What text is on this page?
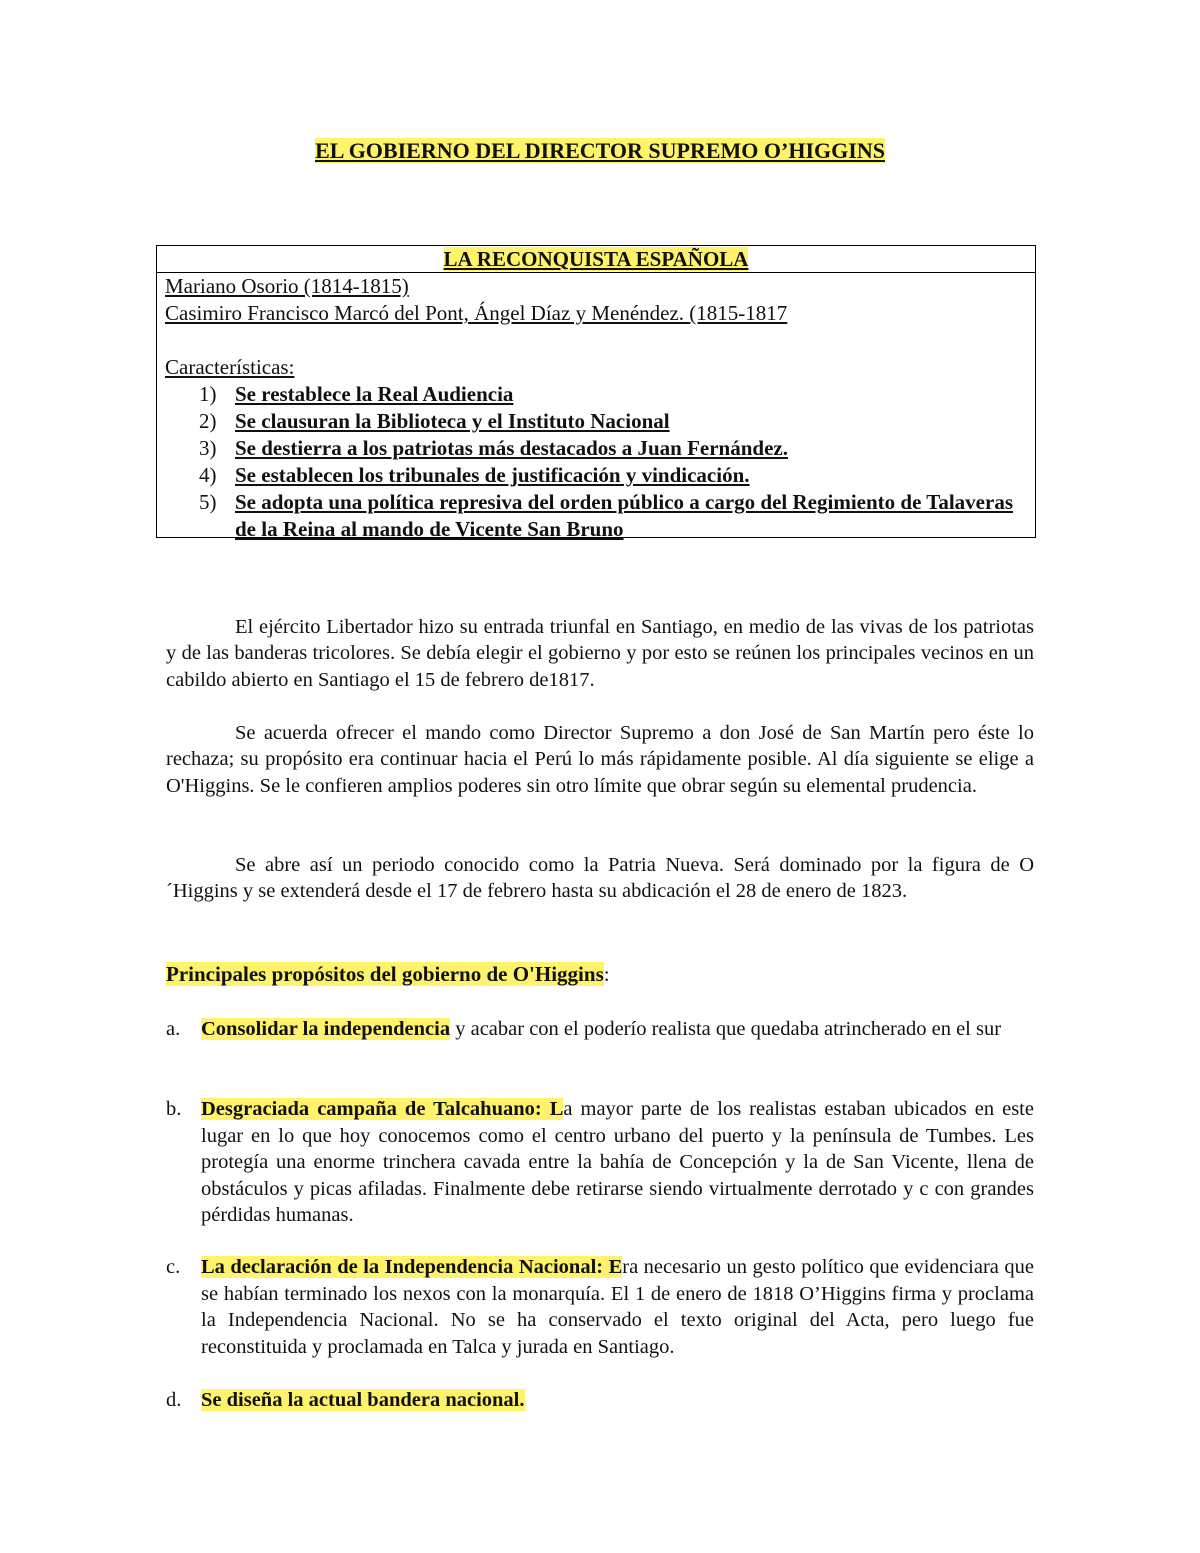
EL GOBIERNO DEL DIRECTOR SUPREMO O’HIGGINS
LA RECONQUISTA ESPAÑOLA
Mariano Osorio (1814-1815)
Casimiro Francisco Marcó del Pont, Ángel Díaz y Menéndez. (1815-1817
Características:
1) Se restablece la Real Audiencia
2) Se clausuran la Biblioteca y el Instituto Nacional
3) Se destierra a los patriotas más destacados a Juan Fernández.
4) Se establecen los tribunales de justificación y vindicación.
5) Se adopta una política represiva del orden público a cargo del Regimiento de Talaveras de la Reina al mando de Vicente San Bruno

El ejército Libertador hizo su entrada triunfal en Santiago, en medio de las vivas de los patriotas y de las banderas tricolores. Se debía elegir el gobierno y por esto se reúnen los principales vecinos en un cabildo abierto en Santiago el 15 de febrero de1817.

Se acuerda ofrecer el mando como Director Supremo a don José de San Martín pero éste lo rechaza; su propósito era continuar hacia el Perú lo más rápidamente posible. Al día siguiente se elige a O'Higgins. Se le confieren amplios poderes sin otro límite que obrar según su elemental prudencia.

Se abre así un periodo conocido como la Patria Nueva. Será dominado por la figura de O´Higgins y se extenderá desde el 17 de febrero hasta su abdicación el 28 de enero de 1823.

Principales propósitos del gobierno de O'Higgins:
a. Consolidar la independencia y acabar con el poderío realista que quedaba atrincherado en el sur
b. Desgraciada campaña de Talcahuano: La mayor parte de los realistas estaban ubicados en este lugar en lo que hoy conocemos como el centro urbano del puerto y la península de Tumbes. Les protegía una enorme trinchera cavada entre la bahía de Concepción y la de San Vicente, llena de obstáculos y picas afiladas. Finalmente debe retirarse siendo virtualmente derrotado y c con grandes pérdidas humanas.
c. La declaración de la Independencia Nacional: Era necesario un gesto político que evidenciara que se habían terminado los nexos con la monarquía. El 1 de enero de 1818 O’Higgins firma y proclama la Independencia Nacional. No se ha conservado el texto original del Acta, pero luego fue reconstituida y proclamada en Talca y jurada en Santiago.
d. Se diseña la actual bandera nacional.
